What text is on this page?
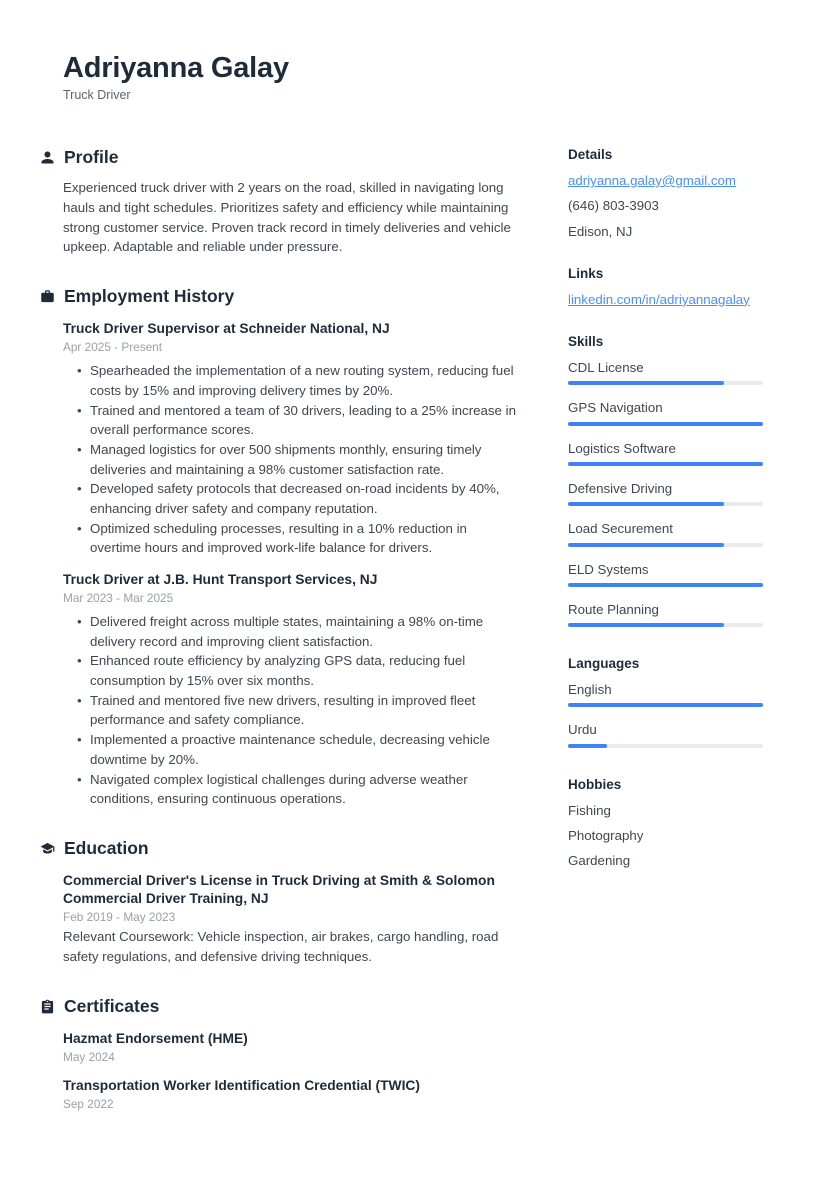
Adriyanna Galay
Truck Driver
Profile
Experienced truck driver with 2 years on the road, skilled in navigating long hauls and tight schedules. Prioritizes safety and efficiency while maintaining strong customer service. Proven track record in timely deliveries and vehicle upkeep. Adaptable and reliable under pressure.
Employment History
Truck Driver Supervisor at Schneider National, NJ
Apr 2025 - Present
• Spearheaded the implementation of a new routing system, reducing fuel costs by 15% and improving delivery times by 20%.
• Trained and mentored a team of 30 drivers, leading to a 25% increase in overall performance scores.
• Managed logistics for over 500 shipments monthly, ensuring timely deliveries and maintaining a 98% customer satisfaction rate.
• Developed safety protocols that decreased on-road incidents by 40%, enhancing driver safety and company reputation.
• Optimized scheduling processes, resulting in a 10% reduction in overtime hours and improved work-life balance for drivers.
Truck Driver at J.B. Hunt Transport Services, NJ
Mar 2023 - Mar 2025
• Delivered freight across multiple states, maintaining a 98% on-time delivery record and improving client satisfaction.
• Enhanced route efficiency by analyzing GPS data, reducing fuel consumption by 15% over six months.
• Trained and mentored five new drivers, resulting in improved fleet performance and safety compliance.
• Implemented a proactive maintenance schedule, decreasing vehicle downtime by 20%.
• Navigated complex logistical challenges during adverse weather conditions, ensuring continuous operations.
Education
Commercial Driver's License in Truck Driving at Smith & Solomon Commercial Driver Training, NJ
Feb 2019 - May 2023
Relevant Coursework: Vehicle inspection, air brakes, cargo handling, road safety regulations, and defensive driving techniques.
Certificates
Hazmat Endorsement (HME)
May 2024
Transportation Worker Identification Credential (TWIC)
Sep 2022
Details
adriyanna.galay@gmail.com
(646) 803-3903
Edison, NJ
Links
linkedin.com/in/adriyannagalay
Skills
CDL License
GPS Navigation
Logistics Software
Defensive Driving
Load Securement
ELD Systems
Route Planning
Languages
English
Urdu
Hobbies
Fishing
Photography
Gardening
